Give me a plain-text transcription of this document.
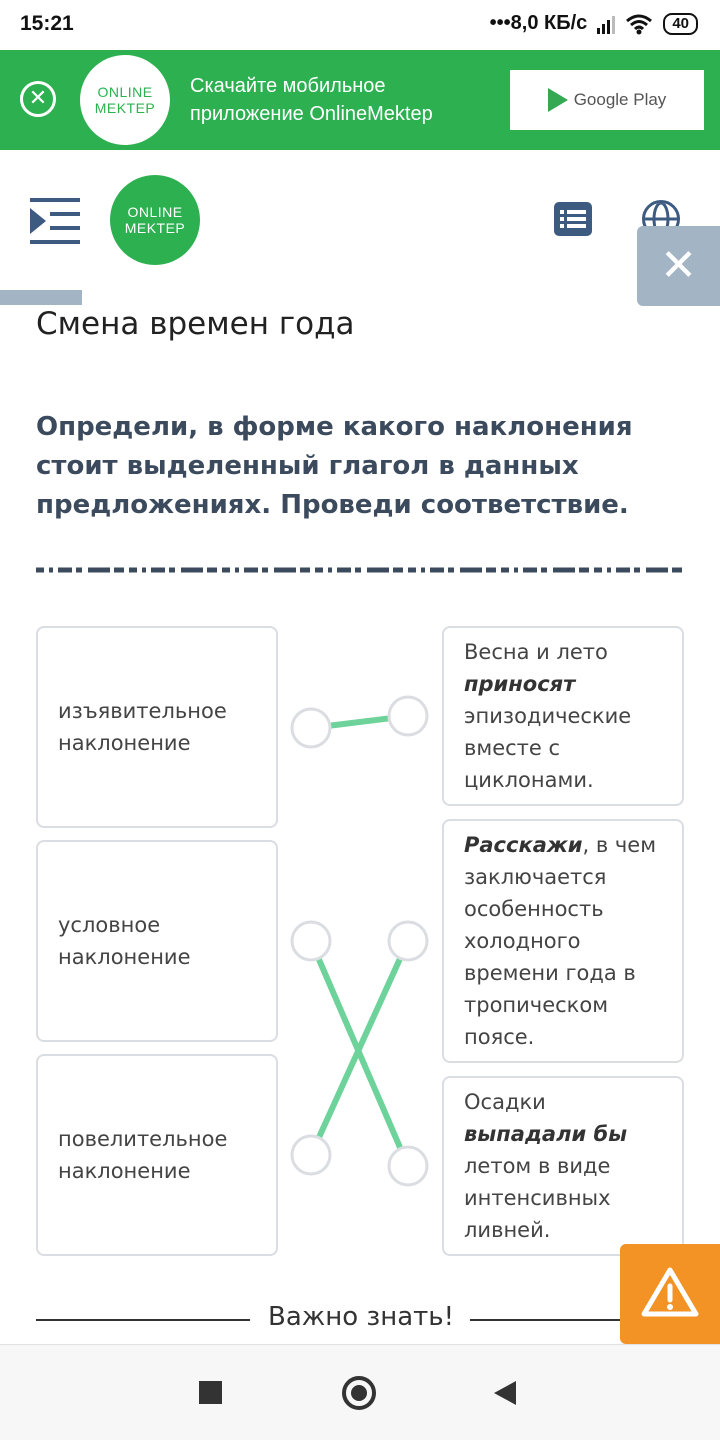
15:21	•••8,0 КБ/с	40
✕	ONLINE
MEKTEP
Скачайте мобильное
приложение OnlineMektep
Google Play
ONLINE
MEKTEP
✕
Смена времен года
Определи, в форме какого наклонения стоит выделенный глагол в данных предложениях. Проведи соответствие.
изъявительное наклонение
условное наклонение
повелительное наклонение
Весна и лето приносят эпизодические вместе с циклонами.
Расскажи, в чем заключается особенность холодного времени года в тропическом поясе.
Осадки выпадали бы летом в виде интенсивных ливней.
Важно знать!
